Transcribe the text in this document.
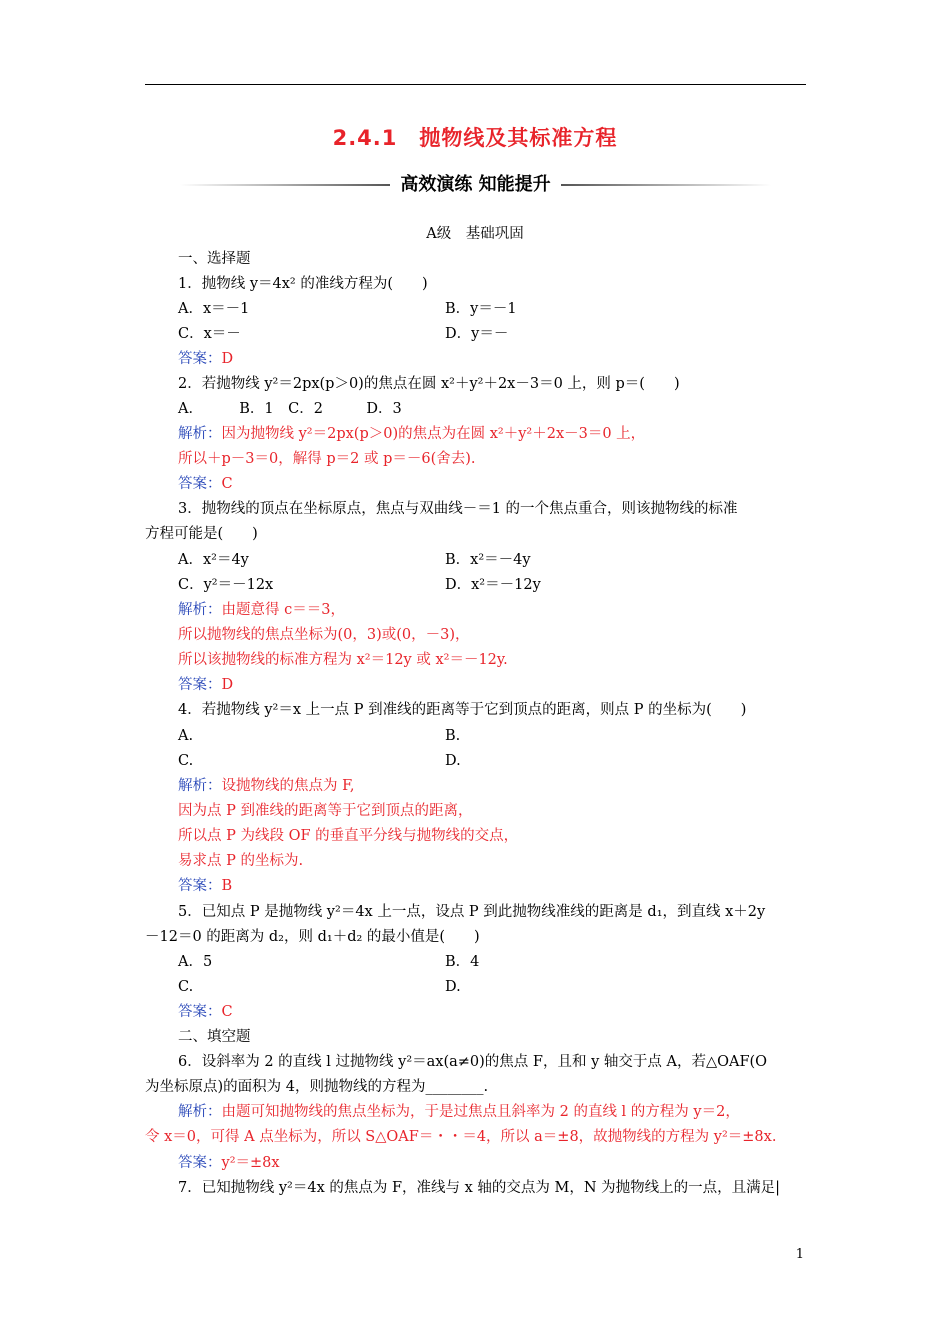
2.4.1　抛物线及其标准方程
高效演练 知能提升
A级　基础巩固
一、选择题
1．抛物线 y＝4x² 的准线方程为(　　)
A．x＝－1	B．y＝－1
C．x＝－	D．y＝－
答案：D
2．若抛物线 y²＝2px(p＞0)的焦点在圆 x²＋y²＋2x－3＝0 上，则 p＝(　　)
A．　　　B．1　C．2　　　D．3
解析：因为抛物线 y²＝2px(p＞0)的焦点为在圆 x²＋y²＋2x－3＝0 上，
所以＋p－3＝0，解得 p＝2 或 p＝－6(舍去).
答案：C
3．抛物线的顶点在坐标原点，焦点与双曲线－＝1 的一个焦点重合，则该抛物线的标准
方程可能是(　　)
A．x²＝4y	B．x²＝－4y
C．y²＝－12x	D．x²＝－12y
解析：由题意得 c＝＝3，
所以抛物线的焦点坐标为(0，3)或(0，－3)，
所以该抛物线的标准方程为 x²＝12y 或 x²＝－12y.
答案：D
4．若抛物线 y²＝x 上一点 P 到准线的距离等于它到顶点的距离，则点 P 的坐标为(　　)
A.	B.
C.	D.
解析：设抛物线的焦点为 F,
因为点 P 到准线的距离等于它到顶点的距离，
所以点 P 为线段 OF 的垂直平分线与抛物线的交点，
易求点 P 的坐标为.
答案：B
5．已知点 P 是抛物线 y²＝4x 上一点，设点 P 到此抛物线准线的距离是 d₁，到直线 x＋2y
－12＝0 的距离为 d₂，则 d₁＋d₂ 的最小值是(　　)
A．5	B．4
C.	D.
答案：C
二、填空题
6．设斜率为 2 的直线 l 过抛物线 y²＝ax(a≠0)的焦点 F，且和 y 轴交于点 A，若△OAF(O
为坐标原点)的面积为 4，则抛物线的方程为________.
解析：由题可知抛物线的焦点坐标为，于是过焦点且斜率为 2 的直线 l 的方程为 y＝2，
令 x＝0，可得 A 点坐标为，所以 S△OAF＝・・＝4，所以 a＝±8，故抛物线的方程为 y²＝±8x.
答案：y²＝±8x
7．已知抛物线 y²＝4x 的焦点为 F，准线与 x 轴的交点为 M，N 为抛物线上的一点，且满足|
1
